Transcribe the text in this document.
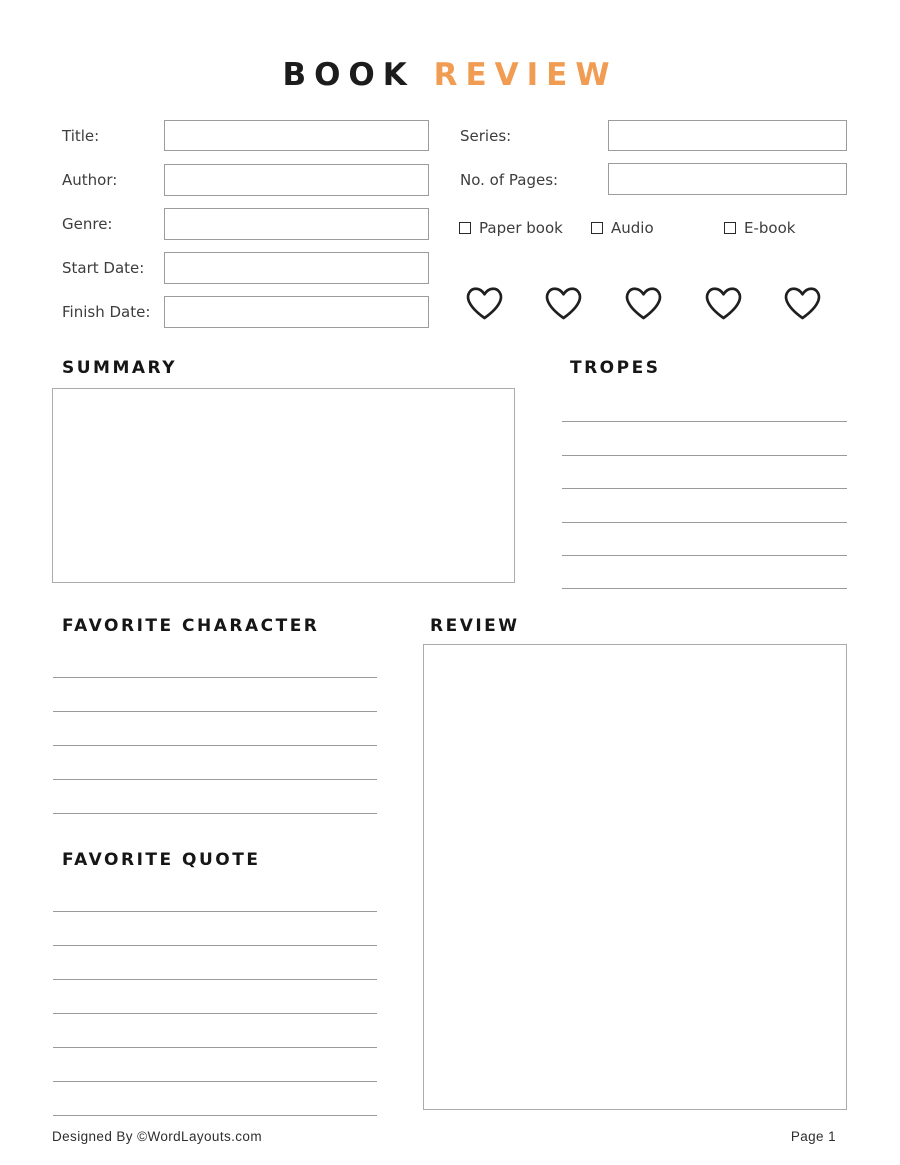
BOOK REVIEW
Title:
Author:
Genre:
Start Date:
Finish Date:
Series:
No. of Pages:
Paper book	Audio	E-book
SUMMARY	TROPES
FAVORITE CHARACTER	REVIEW
FAVORITE QUOTE
Designed By ©WordLayouts.com	Page 1
